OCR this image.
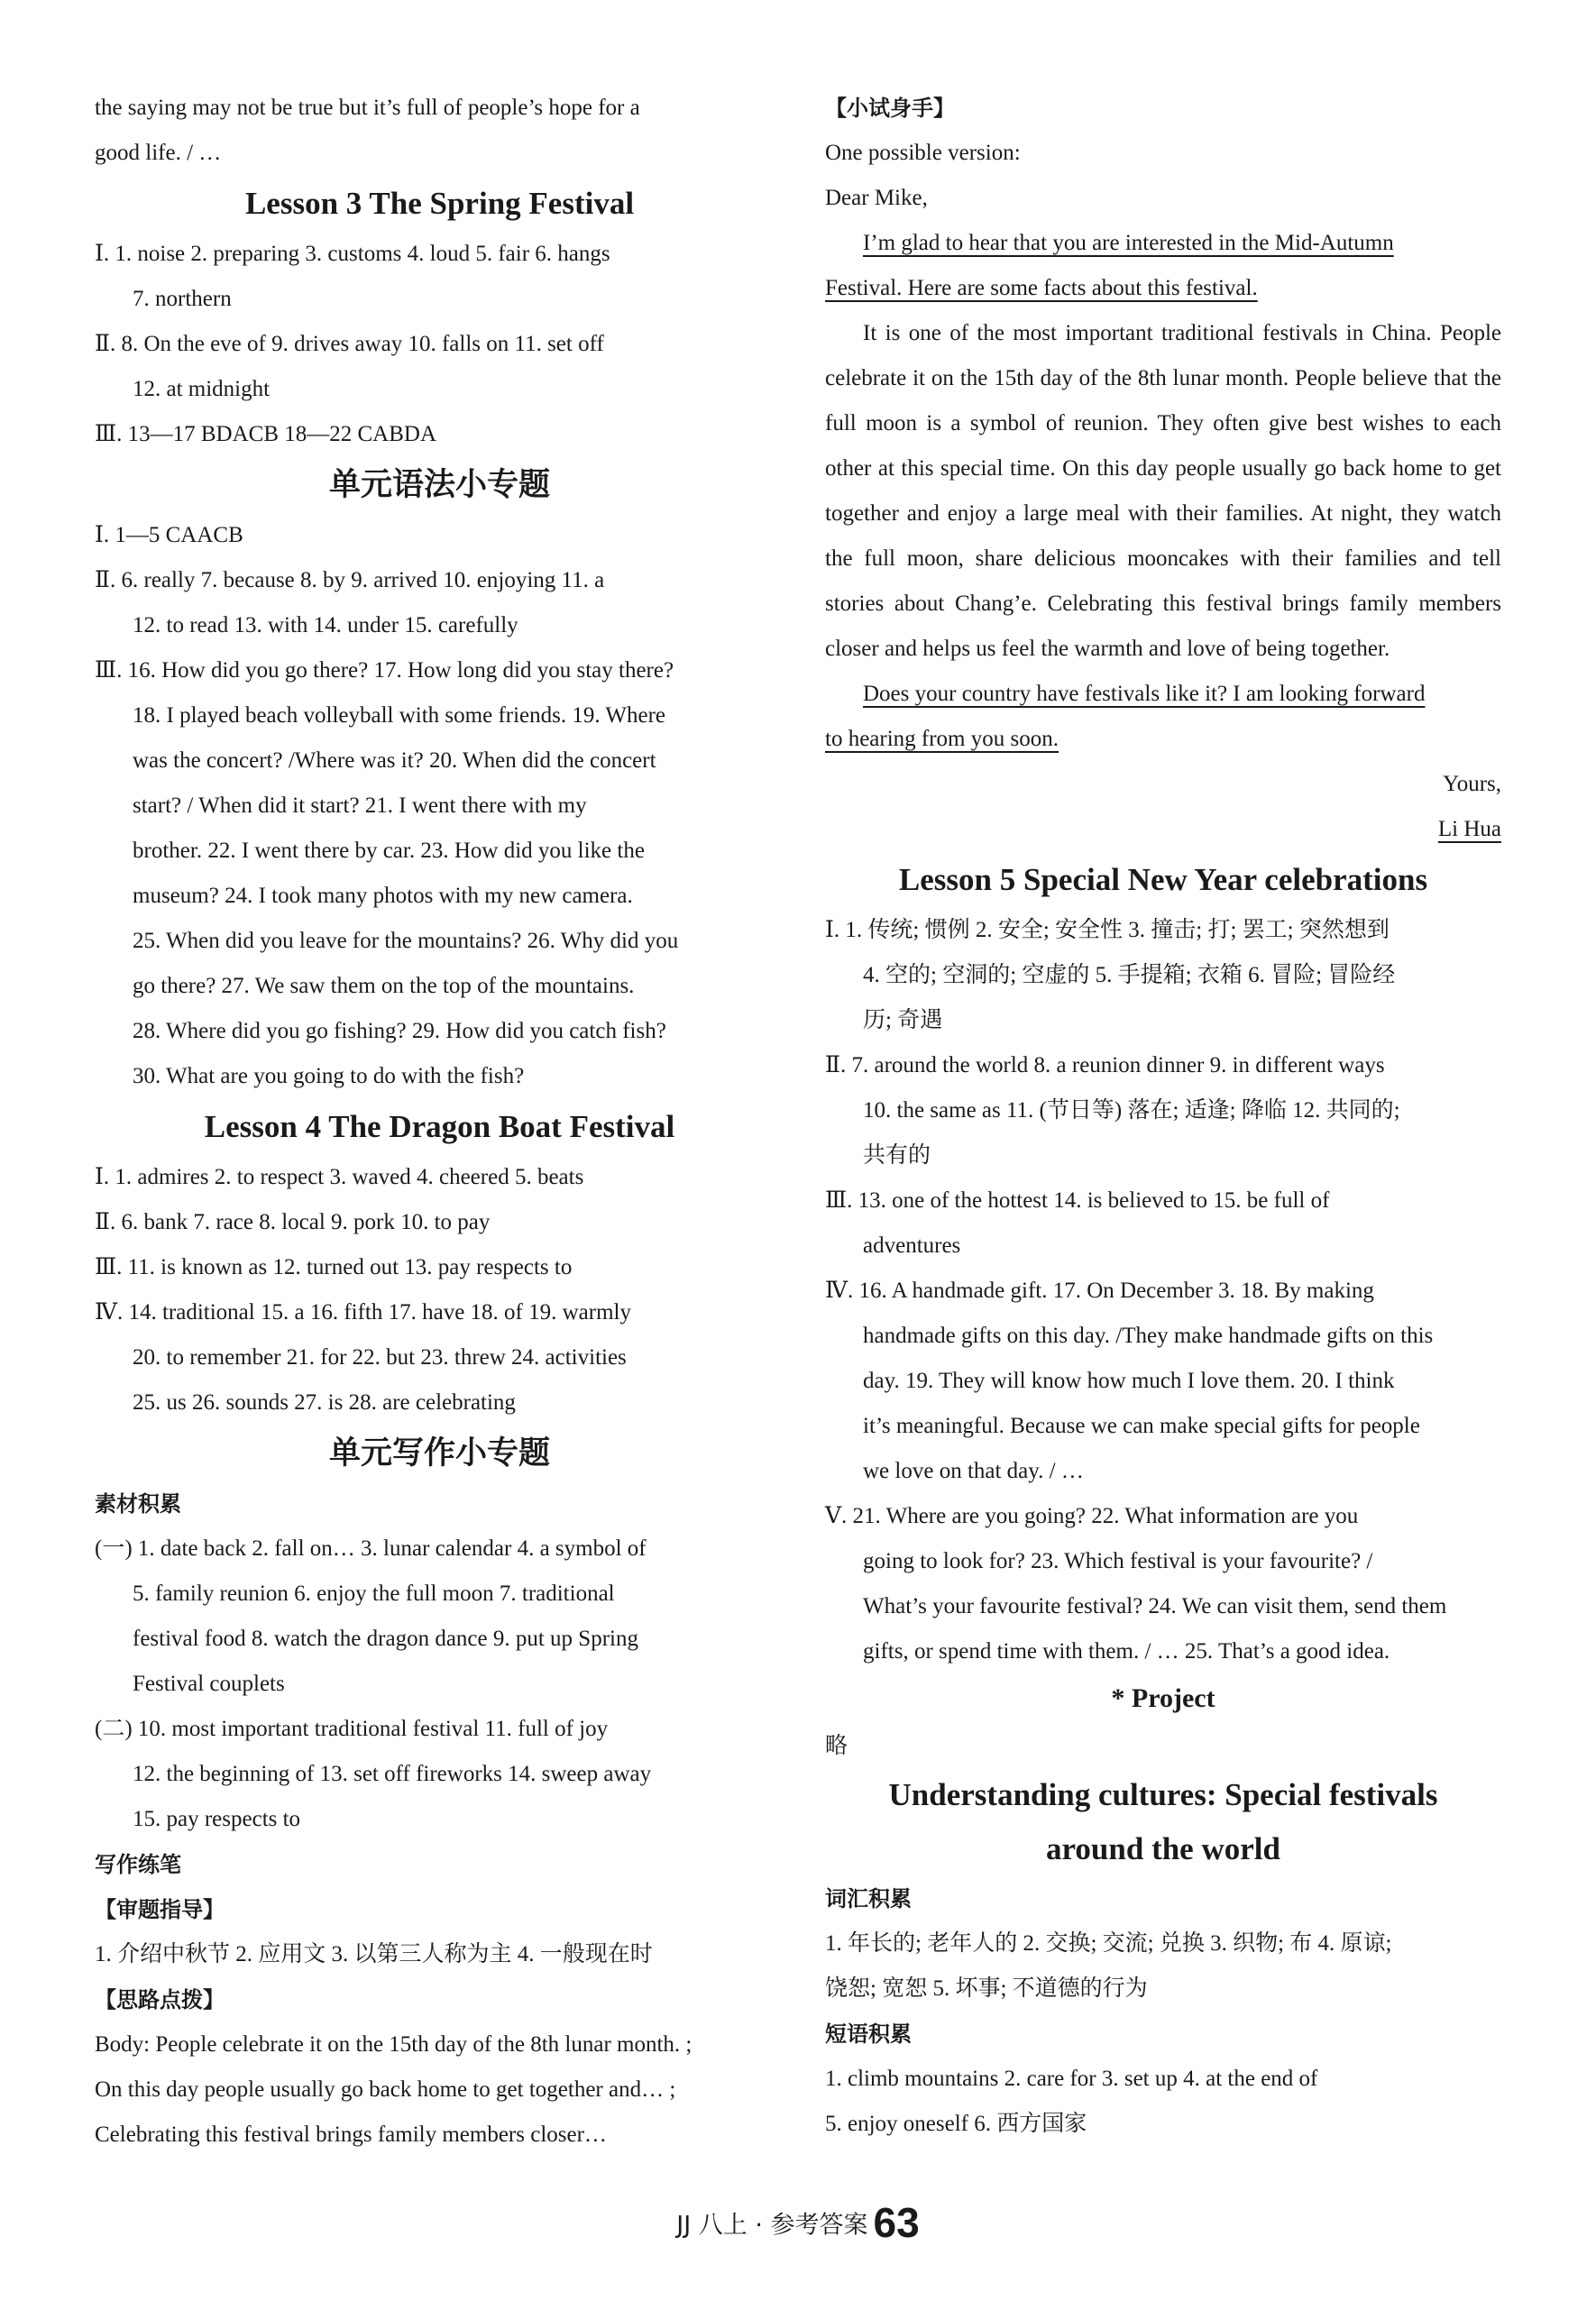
the saying may not be true but it’s full of people’s hope for a

good life. / …

Lesson 3 The Spring Festival

Ⅰ. 1. noise 2. preparing 3. customs 4. loud 5. fair 6. hangs

7. northern

Ⅱ. 8. On the eve of 9. drives away 10. falls on 11. set off

12. at midnight

Ⅲ. 13—17 BDACB 18—22 CABDA

单元语法小专题

Ⅰ. 1—5 CAACB

Ⅱ. 6. really 7. because 8. by 9. arrived 10. enjoying 11. a

12. to read 13. with 14. under 15. carefully

Ⅲ. 16. How did you go there? 17. How long did you stay there?

18. I played beach volleyball with some friends. 19. Where

was the concert? /Where was it? 20. When did the concert

start? / When did it start? 21. I went there with my

brother. 22. I went there by car. 23. How did you like the

museum? 24. I took many photos with my new camera.

25. When did you leave for the mountains? 26. Why did you

go there? 27. We saw them on the top of the mountains.

28. Where did you go fishing? 29. How did you catch fish?

30. What are you going to do with the fish?

Lesson 4 The Dragon Boat Festival

Ⅰ. 1. admires 2. to respect 3. waved 4. cheered 5. beats

Ⅱ. 6. bank 7. race 8. local 9. pork 10. to pay

Ⅲ. 11. is known as 12. turned out 13. pay respects to

Ⅳ. 14. traditional 15. a 16. fifth 17. have 18. of 19. warmly

20. to remember 21. for 22. but 23. threw 24. activities

25. us 26. sounds 27. is 28. are celebrating

单元写作小专题

素材积累

(一) 1. date back 2. fall on… 3. lunar calendar 4. a symbol of

5. family reunion 6. enjoy the full moon 7. traditional

festival food 8. watch the dragon dance 9. put up Spring

Festival couplets

(二) 10. most important traditional festival 11. full of joy

12. the beginning of 13. set off fireworks 14. sweep away

15. pay respects to

写作练笔

【审题指导】

1. 介绍中秋节 2. 应用文 3. 以第三人称为主 4. 一般现在时

【思路点拨】

Body: People celebrate it on the 15th day of the 8th lunar month. ;

On this day people usually go back home to get together and… ;

Celebrating this festival brings family members closer…

【小试身手】

One possible version:

Dear Mike,

I’m glad to hear that you are interested in the Mid-Autumn

Festival. Here are some facts about this festival.

It is one of the most important traditional festivals in China. People celebrate it on the 15th day of the 8th lunar month. People believe that the full moon is a symbol of reunion. They often give best wishes to each other at this special time. On this day people usually go back home to get together and enjoy a large meal with their families. At night, they watch the full moon, share delicious mooncakes with their families and tell stories about Chang’e. Celebrating this festival brings family members closer and helps us feel the warmth and love of being together.

Does your country have festivals like it? I am looking forward

to hearing from you soon.

Yours,

Li Hua

Lesson 5 Special New Year celebrations

Ⅰ. 1. 传统; 惯例 2. 安全; 安全性 3. 撞击; 打; 罢工; 突然想到

4. 空的; 空洞的; 空虚的 5. 手提箱; 衣箱 6. 冒险; 冒险经

历; 奇遇

Ⅱ. 7. around the world 8. a reunion dinner 9. in different ways

10. the same as 11. (节日等) 落在; 适逢; 降临 12. 共同的;

共有的

Ⅲ. 13. one of the hottest 14. is believed to 15. be full of

adventures

Ⅳ. 16. A handmade gift. 17. On December 3. 18. By making

handmade gifts on this day. /They make handmade gifts on this

day. 19. They will know how much I love them. 20. I think

it’s meaningful. Because we can make special gifts for people

we love on that day. / …

Ⅴ. 21. Where are you going? 22. What information are you

going to look for? 23. Which festival is your favourite? /

What’s your favourite festival? 24. We can visit them, send them

gifts, or spend time with them. / … 25. That’s a good idea.

* Project

略

Understanding cultures: Special festivals

around the world

词汇积累

1. 年长的; 老年人的 2. 交换; 交流; 兑换 3. 织物; 布 4. 原谅;

饶恕; 宽恕 5. 坏事; 不道德的行为

短语积累

1. climb mountains 2. care for 3. set up 4. at the end of

5. enjoy oneself 6. 西方国家

JJ 八上 · 参考答案 63
